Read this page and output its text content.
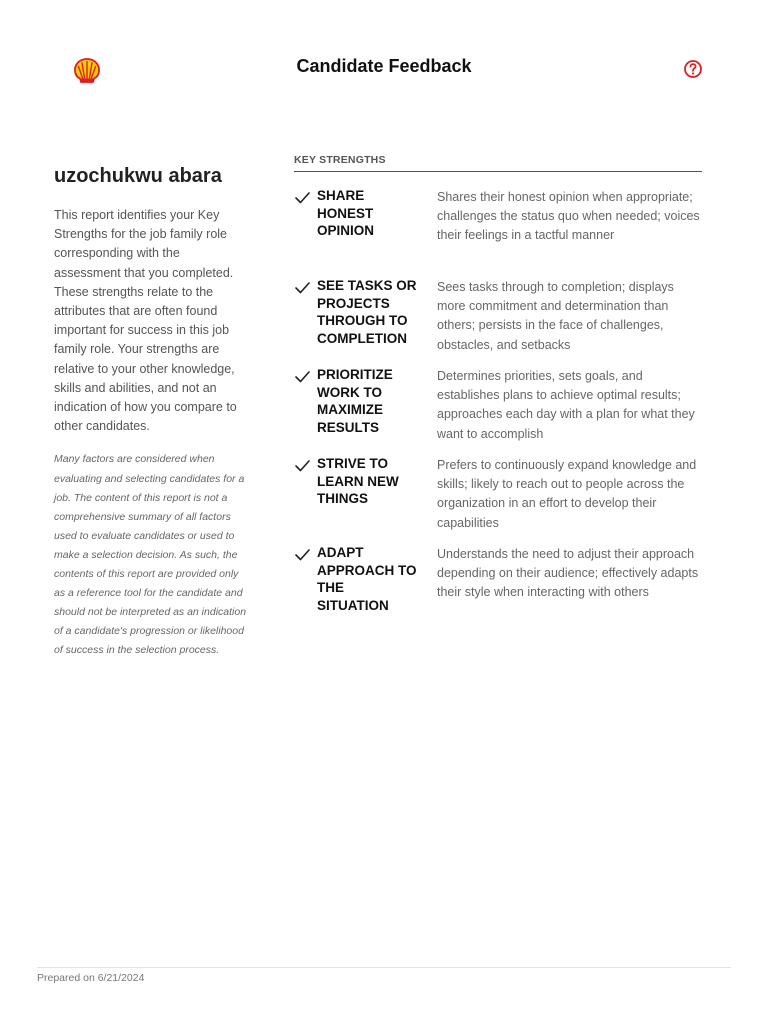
Candidate Feedback
uzochukwu abara

This report identifies your Key Strengths for the job family role corresponding with the assessment that you completed. These strengths relate to the attributes that are often found important for success in this job family role. Your strengths are relative to your other knowledge, skills and abilities, and not an indication of how you compare to other candidates.

Many factors are considered when evaluating and selecting candidates for a job. The content of this report is not a comprehensive summary of all factors used to evaluate candidates or used to make a selection decision. As such, the contents of this report are provided only as a reference tool for the candidate and should not be interpreted as an indication of a candidate's progression or likelihood of success in the selection process.

KEY STRENGTHS
SHARE HONEST OPINION
Shares their honest opinion when appropriate; challenges the status quo when needed; voices their feelings in a tactful manner
SEE TASKS OR PROJECTS THROUGH TO COMPLETION
Sees tasks through to completion; displays more commitment and determination than others; persists in the face of challenges, obstacles, and setbacks
PRIORITIZE WORK TO MAXIMIZE RESULTS
Determines priorities, sets goals, and establishes plans to achieve optimal results; approaches each day with a plan for what they want to accomplish
STRIVE TO LEARN NEW THINGS
Prefers to continuously expand knowledge and skills; likely to reach out to people across the organization in an effort to develop their capabilities
ADAPT APPROACH TO THE SITUATION
Understands the need to adjust their approach depending on their audience; effectively adapts their style when interacting with others
Prepared on 6/21/2024
